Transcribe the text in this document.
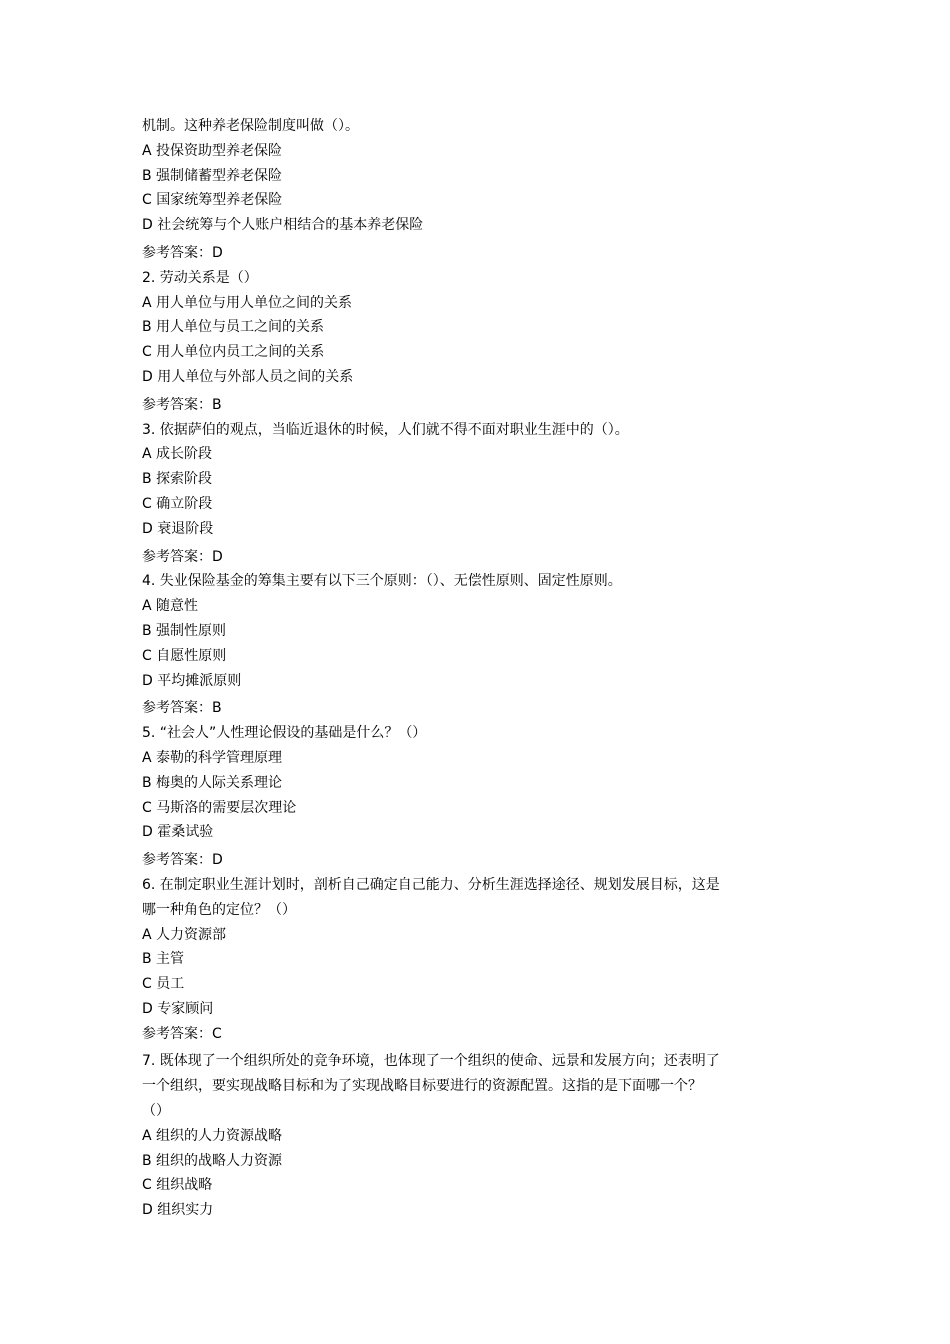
机制。这种养老保险制度叫做（）。
A 投保资助型养老保险
B 强制储蓄型养老保险
C 国家统筹型养老保险
D 社会统筹与个人账户相结合的基本养老保险
参考答案：D
2. 劳动关系是（）
A 用人单位与用人单位之间的关系
B 用人单位与员工之间的关系
C 用人单位内员工之间的关系
D 用人单位与外部人员之间的关系
参考答案：B
3. 依据萨伯的观点，当临近退休的时候，人们就不得不面对职业生涯中的（）。
A 成长阶段
B 探索阶段
C 确立阶段
D 衰退阶段
参考答案：D
4. 失业保险基金的筹集主要有以下三个原则：（）、无偿性原则、固定性原则。
A 随意性
B 强制性原则
C 自愿性原则
D 平均摊派原则
参考答案：B
5. “社会人”人性理论假设的基础是什么？（）
A 泰勒的科学管理原理
B 梅奥的人际关系理论
C 马斯洛的需要层次理论
D 霍桑试验
参考答案：D
6. 在制定职业生涯计划时，剖析自己确定自己能力、分析生涯选择途径、规划发展目标，这是
哪一种角色的定位？（）
A 人力资源部
B 主管
C 员工
D 专家顾问
参考答案：C
7. 既体现了一个组织所处的竞争环境，也体现了一个组织的使命、远景和发展方向；还表明了
一个组织，要实现战略目标和为了实现战略目标要进行的资源配置。这指的是下面哪一个？
（）
A 组织的人力资源战略
B 组织的战略人力资源
C 组织战略
D 组织实力
